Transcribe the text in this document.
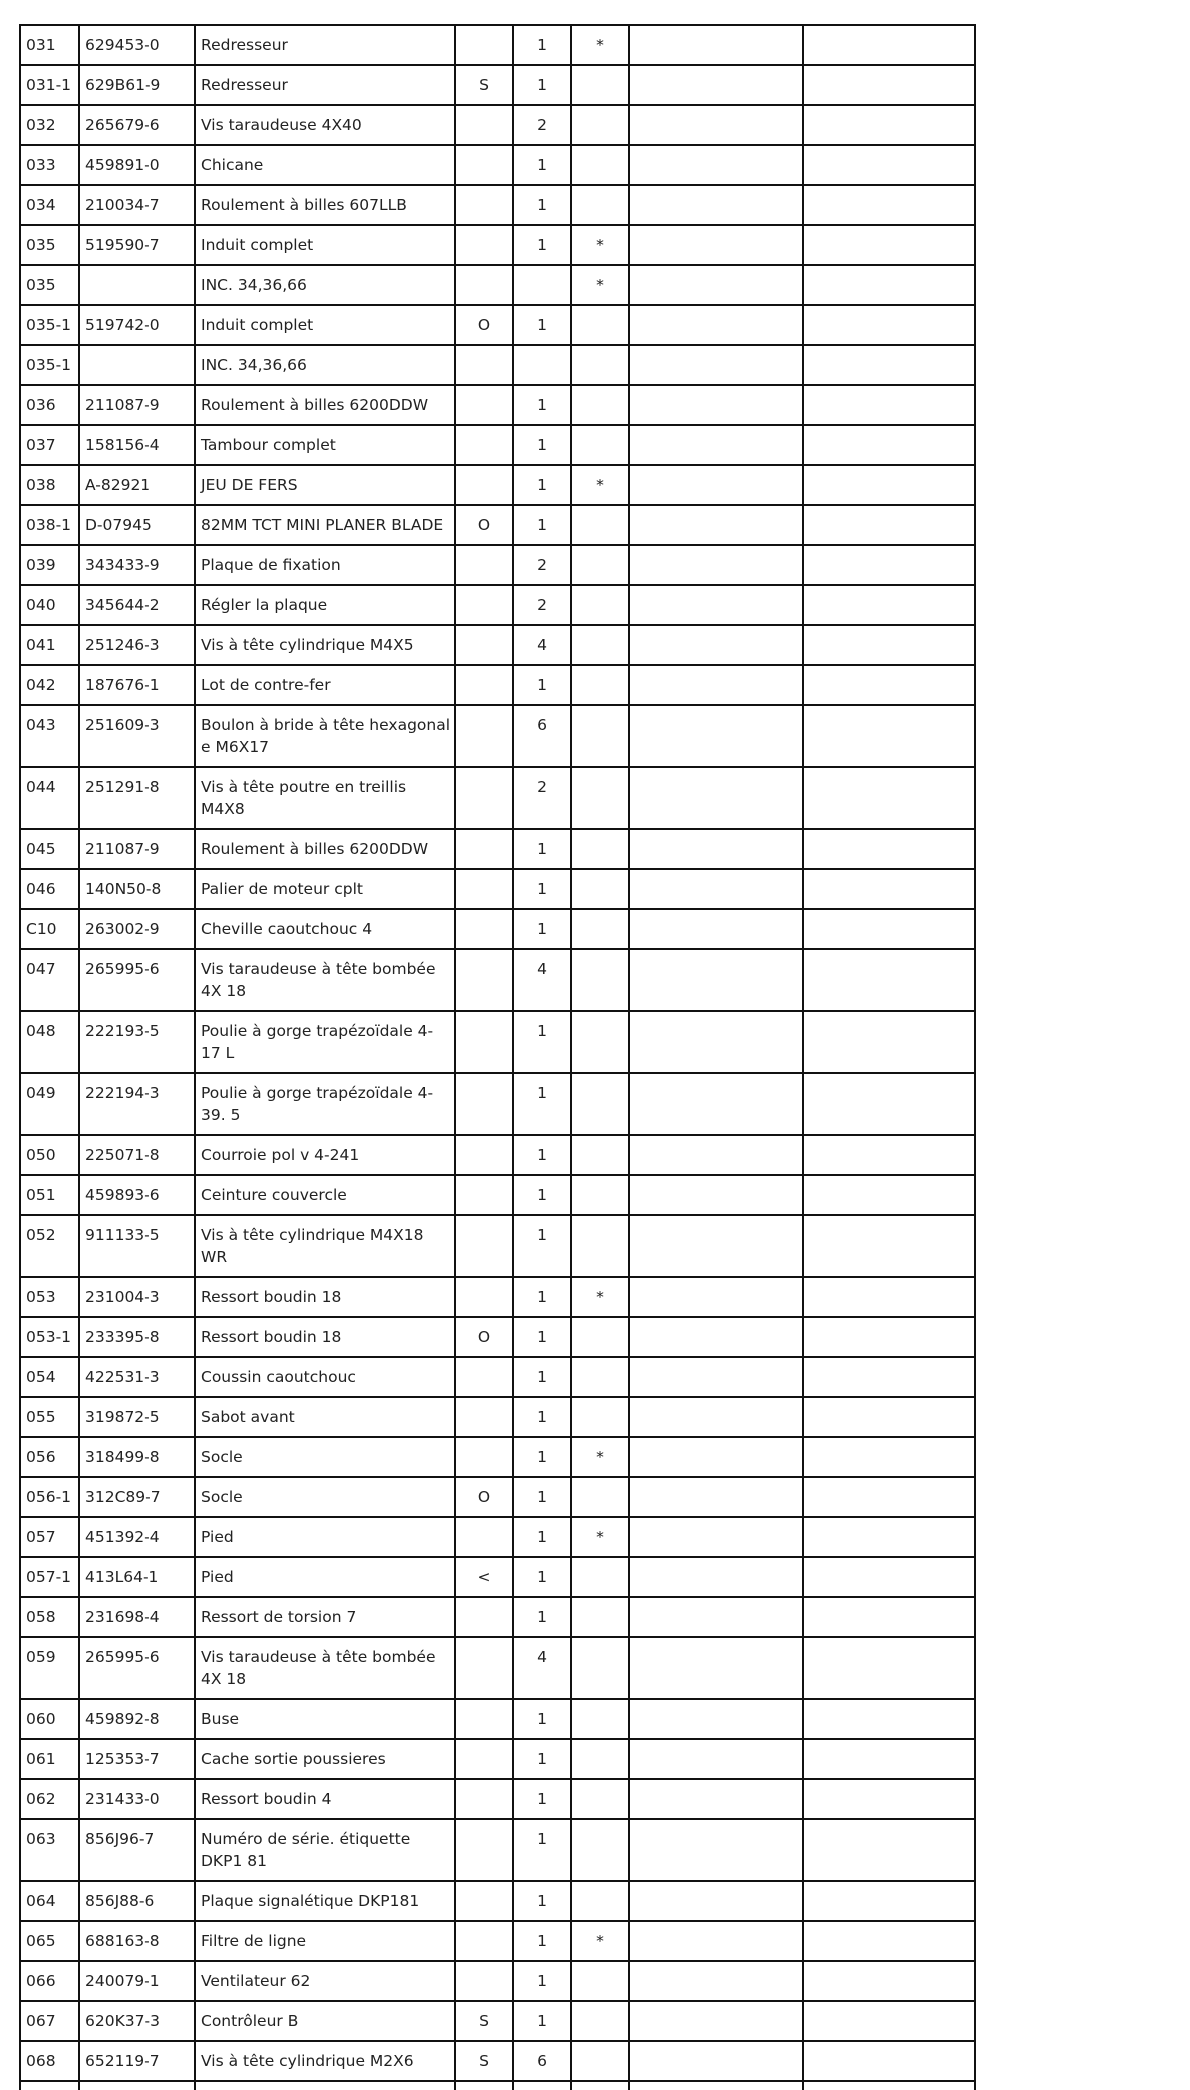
031	629453-0	Redresseur		1	*		
031-1	629B61-9	Redresseur	S	1			
032	265679-6	Vis taraudeuse 4X40		2			
033	459891-0	Chicane		1			
034	210034-7	Roulement à billes 607LLB		1			
035	519590-7	Induit complet		1	*		
035		INC. 34,36,66			*		
035-1	519742-0	Induit complet	O	1			
035-1		INC. 34,36,66					
036	211087-9	Roulement à billes 6200DDW		1			
037	158156-4	Tambour complet		1			
038	A-82921	JEU DE FERS		1	*		
038-1	D-07945	82MM TCT MINI PLANER BLADE	O	1			
039	343433-9	Plaque de fixation		2			
040	345644-2	Régler la plaque		2			
041	251246-3	Vis à tête cylindrique M4X5		4			
042	187676-1	Lot de contre-fer		1			
043	251609-3	Boulon à bride à tête hexagonal e M6X17		6			
044	251291-8	Vis à tête poutre en treillis M4X8		2			
045	211087-9	Roulement à billes 6200DDW		1			
046	140N50-8	Palier de moteur cplt		1			
C10	263002-9	Cheville caoutchouc 4		1			
047	265995-6	Vis taraudeuse à tête bombée 4X 18		4			
048	222193-5	Poulie à gorge trapézoïdale 4-17 L		1			
049	222194-3	Poulie à gorge trapézoïdale 4-39. 5		1			
050	225071-8	Courroie pol v 4-241		1			
051	459893-6	Ceinture couvercle		1			
052	911133-5	Vis à tête cylindrique M4X18 WR		1			
053	231004-3	Ressort boudin 18		1	*		
053-1	233395-8	Ressort boudin 18	O	1			
054	422531-3	Coussin caoutchouc		1			
055	319872-5	Sabot avant		1			
056	318499-8	Socle		1	*		
056-1	312C89-7	Socle	O	1			
057	451392-4	Pied		1	*		
057-1	413L64-1	Pied	<	1			
058	231698-4	Ressort de torsion 7		1			
059	265995-6	Vis taraudeuse à tête bombée 4X 18		4			
060	459892-8	Buse		1			
061	125353-7	Cache sortie poussieres		1			
062	231433-0	Ressort boudin 4		1			
063	856J96-7	Numéro de série. étiquette DKP1 81		1			
064	856J88-6	Plaque signalétique DKP181		1			
065	688163-8	Filtre de ligne		1	*		
066	240079-1	Ventilateur 62		1			
067	620K37-3	Contrôleur B	S	1			
068	652119-7	Vis à tête cylindrique M2X6	S	6			
